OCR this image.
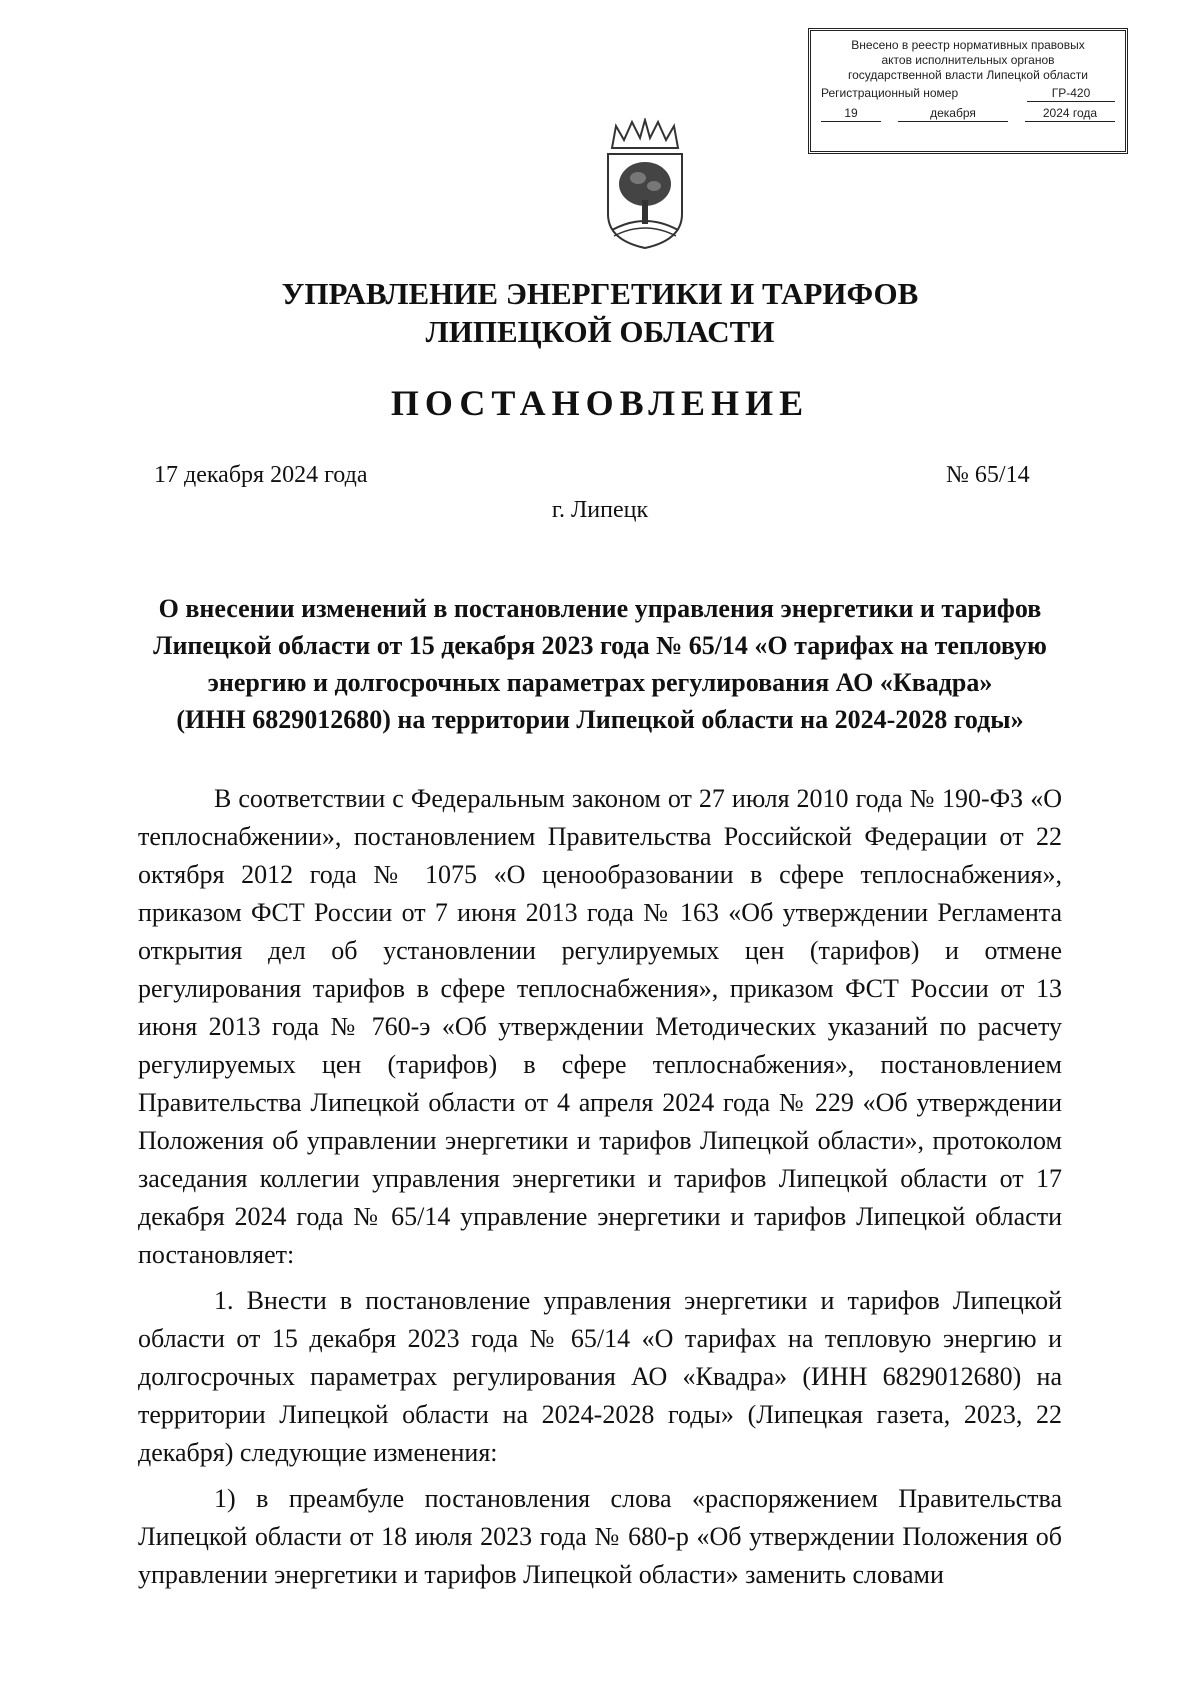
Внесено в реестр нормативных правовых
актов исполнительных органов
государственной власти Липецкой области
Регистрационный номер	ГР-420
19	декабря	2024 года
УПРАВЛЕНИЕ ЭНЕРГЕТИКИ И ТАРИФОВ
ЛИПЕЦКОЙ ОБЛАСТИ
ПОСТАНОВЛЕНИЕ
17 декабря 2024 года	№ 65/14
г. Липецк
О внесении изменений в постановление управления энергетики и тарифов
Липецкой области от 15 декабря 2023 года № 65/14 «О тарифах на тепловую
энергию и долгосрочных параметрах регулирования АО «Квадра»
(ИНН 6829012680) на территории Липецкой области на 2024-2028 годы»

В соответствии с Федеральным законом от 27 июля 2010 года № 190-ФЗ «О теплоснабжении», постановлением Правительства Российской Федерации от 22 октября 2012 года № 1075 «О ценообразовании в сфере теплоснабжения», приказом ФСТ России от 7 июня 2013 года № 163 «Об утверждении Регламента открытия дел об установлении регулируемых цен (тарифов) и отмене регулирования тарифов в сфере теплоснабжения», приказом ФСТ России от 13 июня 2013 года № 760-э «Об утверждении Методических указаний по расчету регулируемых цен (тарифов) в сфере теплоснабжения», постановлением Правительства Липецкой области от 4 апреля 2024 года № 229 «Об утверждении Положения об управлении энергетики и тарифов Липецкой области», протоколом заседания коллегии управления энергетики и тарифов Липецкой области от 17 декабря 2024 года № 65/14 управление энергетики и тарифов Липецкой области постановляет:

1. Внести в постановление управления энергетики и тарифов Липецкой области от 15 декабря 2023 года № 65/14 «О тарифах на тепловую энергию и долгосрочных параметрах регулирования АО «Квадра» (ИНН 6829012680) на территории Липецкой области на 2024-2028 годы» (Липецкая газета, 2023, 22 декабря) следующие изменения:

1) в преамбуле постановления слова «распоряжением Правительства Липецкой области от 18 июля 2023 года № 680-р «Об утверждении Положения об управлении энергетики и тарифов Липецкой области» заменить словами
